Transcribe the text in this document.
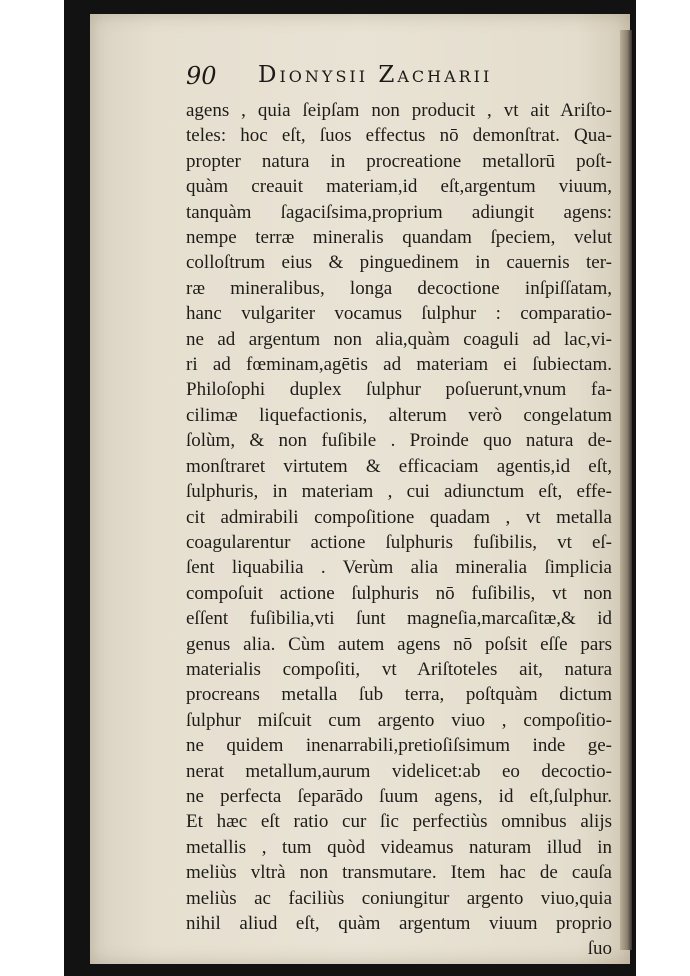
90 Dionysii Zacharii
agens , quia ſeipſam non producit , vt ait Ariſto-
teles: hoc eſt, ſuos effectus nō demonſtrat. Qua-
propter natura in procreatione metallorū poſt-
quàm creauit materiam,id eſt,argentum viuum,
tanquàm ſagaciſsima,proprium adiungit agens:
nempe terræ mineralis quandam ſpeciem, velut
colloſtrum eius & pinguedinem in cauernis ter-
ræ mineralibus, longa decoctione inſpiſſatam,
hanc vulgariter vocamus ſulphur : comparatio-
ne ad argentum non alia,quàm coaguli ad lac,vi-
ri ad fœminam,agētis ad materiam ei ſubiectam.
Philoſophi duplex ſulphur poſuerunt,vnum fa-
cilimæ liquefactionis, alterum verò congelatum
ſolùm, & non fuſibile . Proinde quo natura de-
monſtraret virtutem & efficaciam agentis,id eſt,
ſulphuris, in materiam , cui adiunctum eſt, effe-
cit admirabili compoſitione quadam , vt metalla
coagularentur actione ſulphuris fuſibilis, vt eſ-
ſent liquabilia . Verùm alia mineralia ſimplicia
compoſuit actione ſulphuris nō fuſibilis, vt non
eſſent fuſibilia,vti ſunt magneſia,marcaſitæ,& id
genus alia. Cùm autem agens nō poſsit eſſe pars
materialis compoſiti, vt Ariſtoteles ait, natura
procreans metalla ſub terra, poſtquàm dictum
ſulphur miſcuit cum argento viuo , compoſitio-
ne quidem inenarrabili,pretioſiſsimum inde ge-
nerat metallum,aurum videlicet:ab eo decoctio-
ne perfecta ſeparādo ſuum agens, id eſt,ſulphur.
Et hæc eſt ratio cur ſic perfectiùs omnibus alijs
metallis , tum quòd videamus naturam illud in
meliùs vltrà non transmutare. Item hac de cauſa
meliùs ac faciliùs coniungitur argento viuo,quia
nihil aliud eſt, quàm argentum viuum proprio
ſuo
